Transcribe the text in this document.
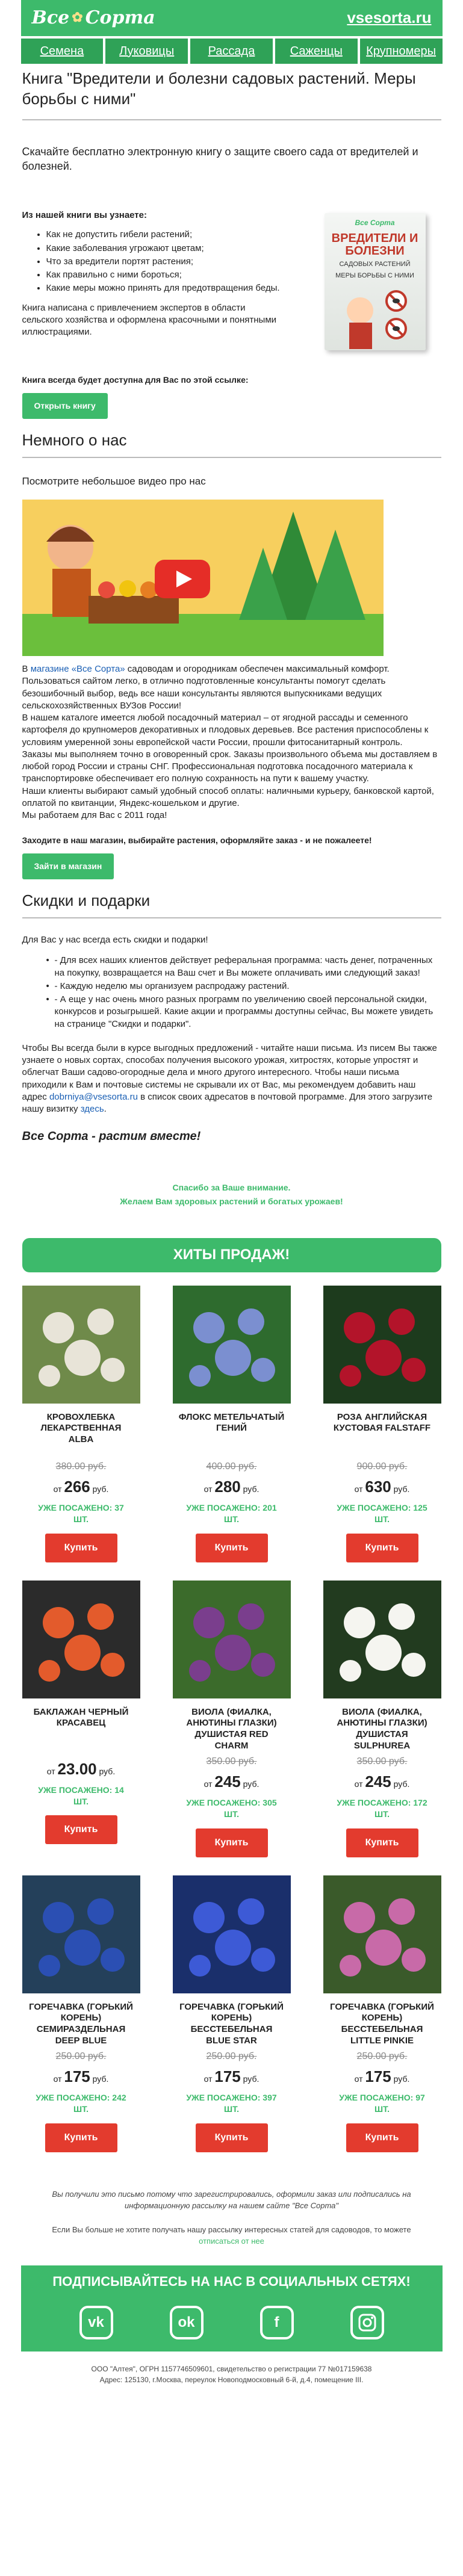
Все ✿ Сорта	vsesorta.ru
Семена	Луковицы	Рассада	Саженцы	Крупномеры
Книга "Вредители и болезни садовых растений. Меры борьбы с ними"

Скачайте бесплатно электронную книгу о защите своего сада от вредителей и болезней.

Из нашей книги вы узнаете:

• Как не допустить гибели растений;
• Какие заболевания угрожают цветам;
• Что за вредители портят растения;
• Как правильно с ними бороться;
• Какие меры можно принять для предотвращения беды.

Книга написана с привлечением экспертов в области сельского хозяйства и оформлена красочными и понятными иллюстрациями.

Все Сорта
ВРЕДИТЕЛИ И БОЛЕЗНИ
САДОВЫХ РАСТЕНИЙ
МЕРЫ БОРЬБЫ С НИМИ

Книга всегда будет доступна для Вас по этой ссылке:

Открыть книгу
Немного о нас

Посмотрите небольшое видео про нас

В магазине «Все Сорта» садоводам и огородникам обеспечен максимальный комфорт. Пользоваться сайтом легко, в отлично подготовленные консультанты помогут сделать безошибочный выбор, ведь все наши консультанты являются выпускниками ведущих сельскохозяйственных ВУЗов России!

В нашем каталоге имеется любой посадочный материал – от ягодной рассады и семенного картофеля до крупномеров декоративных и плодовых деревьев. Все растения приспособлены к условиям умеренной зоны европейской части России, прошли фитосанитарный контроль.

Заказы мы выполняем точно в оговоренный срок. Заказы произвольного объема мы доставляем в любой город России и страны СНГ. Профессиональная подготовка посадочного материала к транспортировке обеспечивает его полную сохранность на пути к вашему участку.

Наши клиенты выбирают самый удобный способ оплаты: наличными курьеру, банковской картой, оплатой по квитанции, Яндекс-кошельком и другие.

Мы работаем для Вас с 2011 года!

Заходите в наш магазин, выбирайте растения, оформляйте заказ - и не пожалеете!

Зайти в магазин
Скидки и подарки

Для Вас у нас всегда есть скидки и подарки!

• - Для всех наших клиентов действует реферальная программа: часть денег, потраченных на покупку, возвращается на Ваш счет и Вы можете оплачивать ими следующий заказ!
• - Каждую неделю мы организуем распродажу растений.
• - А еще у нас очень много разных программ по увеличению своей персональной скидки, конкурсов и розыгрышей. Какие акции и программы доступны сейчас, Вы можете увидеть на странице "Скидки и подарки".

Чтобы Вы всегда были в курсе выгодных предложений - читайте наши письма. Из писем Вы также узнаете о новых сортах, способах получения высокого урожая, хитростях, которые упростят и облегчат Ваши садово-огородные дела и много другого интересного. Чтобы наши письма приходили к Вам и почтовые системы не скрывали их от Вас, мы рекомендуем добавить наш адрес dobrniya@vsesorta.ru в список своих адресатов в почтовой программе. Для этого загрузите нашу визитку здесь.

Все Сорта - растим вместе!

Спасибо за Ваше внимание.
Желаем Вам здоровых растений и богатых урожаев!
ХИТЫ ПРОДАЖ!
КРОВОХЛЕБКА ЛЕКАРСТВЕННАЯ ALBA
380.00 руб.
от 266 руб.
УЖЕ ПОСАЖЕНО: 37 ШТ.
Купить
ФЛОКС МЕТЕЛЬЧАТЫЙ ГЕНИЙ
400.00 руб.
от 280 руб.
УЖЕ ПОСАЖЕНО: 201 ШТ.
Купить
РОЗА АНГЛИЙСКАЯ КУСТОВАЯ FALSTAFF
900.00 руб.
от 630 руб.
УЖЕ ПОСАЖЕНО: 125 ШТ.
Купить
БАКЛАЖАН ЧЕРНЫЙ КРАСАВЕЦ
от 23.00 руб.
УЖЕ ПОСАЖЕНО: 14 ШТ.
Купить
ВИОЛА (ФИАЛКА, АНЮТИНЫ ГЛАЗКИ) ДУШИСТАЯ RED CHARM
350.00 руб.
от 245 руб.
УЖЕ ПОСАЖЕНО: 305 ШТ.
Купить
ВИОЛА (ФИАЛКА, АНЮТИНЫ ГЛАЗКИ) ДУШИСТАЯ SULPHUREA
350.00 руб.
от 245 руб.
УЖЕ ПОСАЖЕНО: 172 ШТ.
Купить
ГОРЕЧАВКА (ГОРЬКИЙ КОРЕНЬ) СЕМИРАЗДЕЛЬНАЯ DEEP BLUE
250.00 руб.
от 175 руб.
УЖЕ ПОСАЖЕНО: 242 ШТ.
Купить
ГОРЕЧАВКА (ГОРЬКИЙ КОРЕНЬ) БЕССТЕБЕЛЬНАЯ BLUE STAR
250.00 руб.
от 175 руб.
УЖЕ ПОСАЖЕНО: 397 ШТ.
Купить
ГОРЕЧАВКА (ГОРЬКИЙ КОРЕНЬ) БЕССТЕБЕЛЬНАЯ LITTLE PINKIE
250.00 руб.
от 175 руб.
УЖЕ ПОСАЖЕНО: 97 ШТ.
Купить

Вы получили это письмо потому что зарегистрировались, оформили заказ или подписались на информационную рассылку на нашем сайте "Все Сорта"

Если Вы больше не хотите получать нашу рассылку интересных статей для садоводов, то можете отписаться от нее

ПОДПИСЫВАЙТЕСЬ НА НАС В СОЦИАЛЬНЫХ СЕТЯХ!
vk	ok	f
ООО "Алтея", ОГРН 1157746509601, свидетельство о регистрации 77 №017159638
Адрес: 125130, г.Москва, переулок Новоподмосковный 6-й, д.4, помещение III.
